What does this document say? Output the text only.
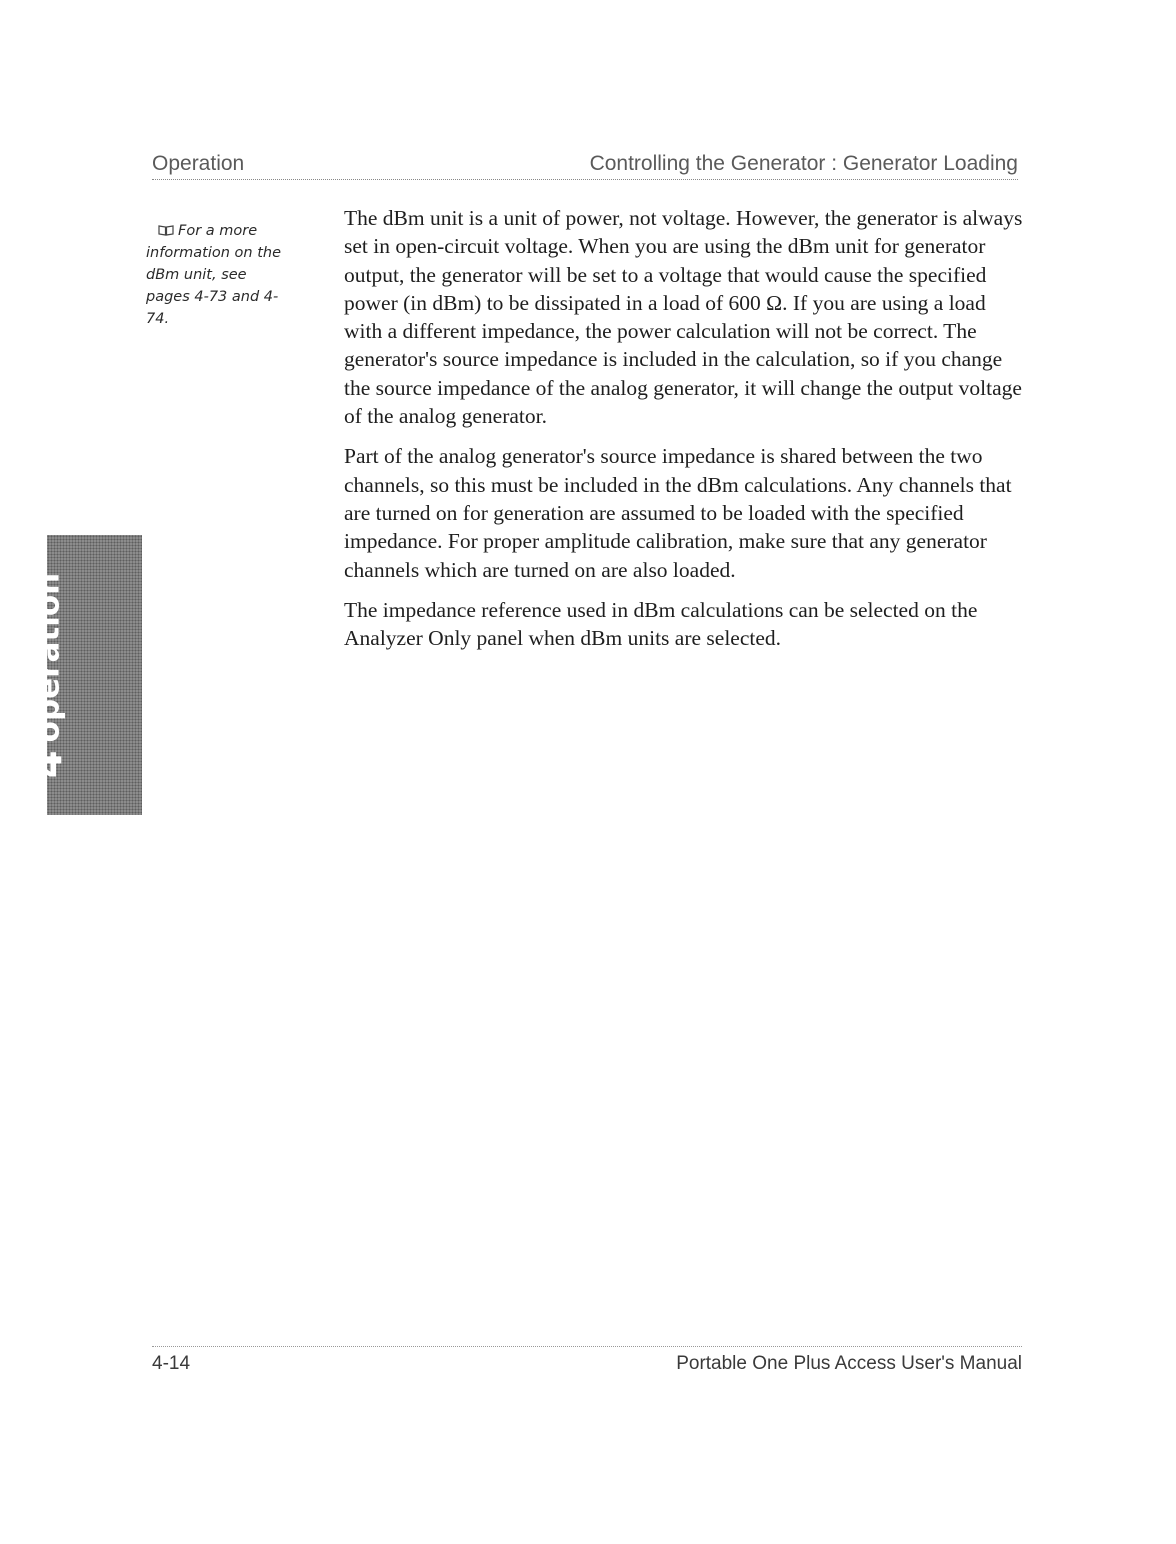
Operation	Controlling the Generator : Generator Loading
For a more information on the dBm unit, see pages 4-73 and 4-74.

The dBm unit is a unit of power, not voltage. However, the generator is always set in open-circuit voltage. When you are using the dBm unit for generator output, the generator will be set to a voltage that would cause the specified power (in dBm) to be dissipated in a load of 600 Ω. If you are using a load with a different impedance, the power calculation will not be correct. The generator's source impedance is included in the calculation, so if you change the source impedance of the analog generator, it will change the output voltage of the analog generator.

Part of the analog generator's source impedance is shared between the two channels, so this must be included in the dBm calculations. Any channels that are turned on for generation are assumed to be loaded with the specified impedance. For proper amplitude calibration, make sure that any generator channels which are turned on are also loaded.

The impedance reference used in dBm calculations can be selected on the Analyzer Only panel when dBm units are selected.

4
operation
4-14	Portable One Plus Access User's Manual
